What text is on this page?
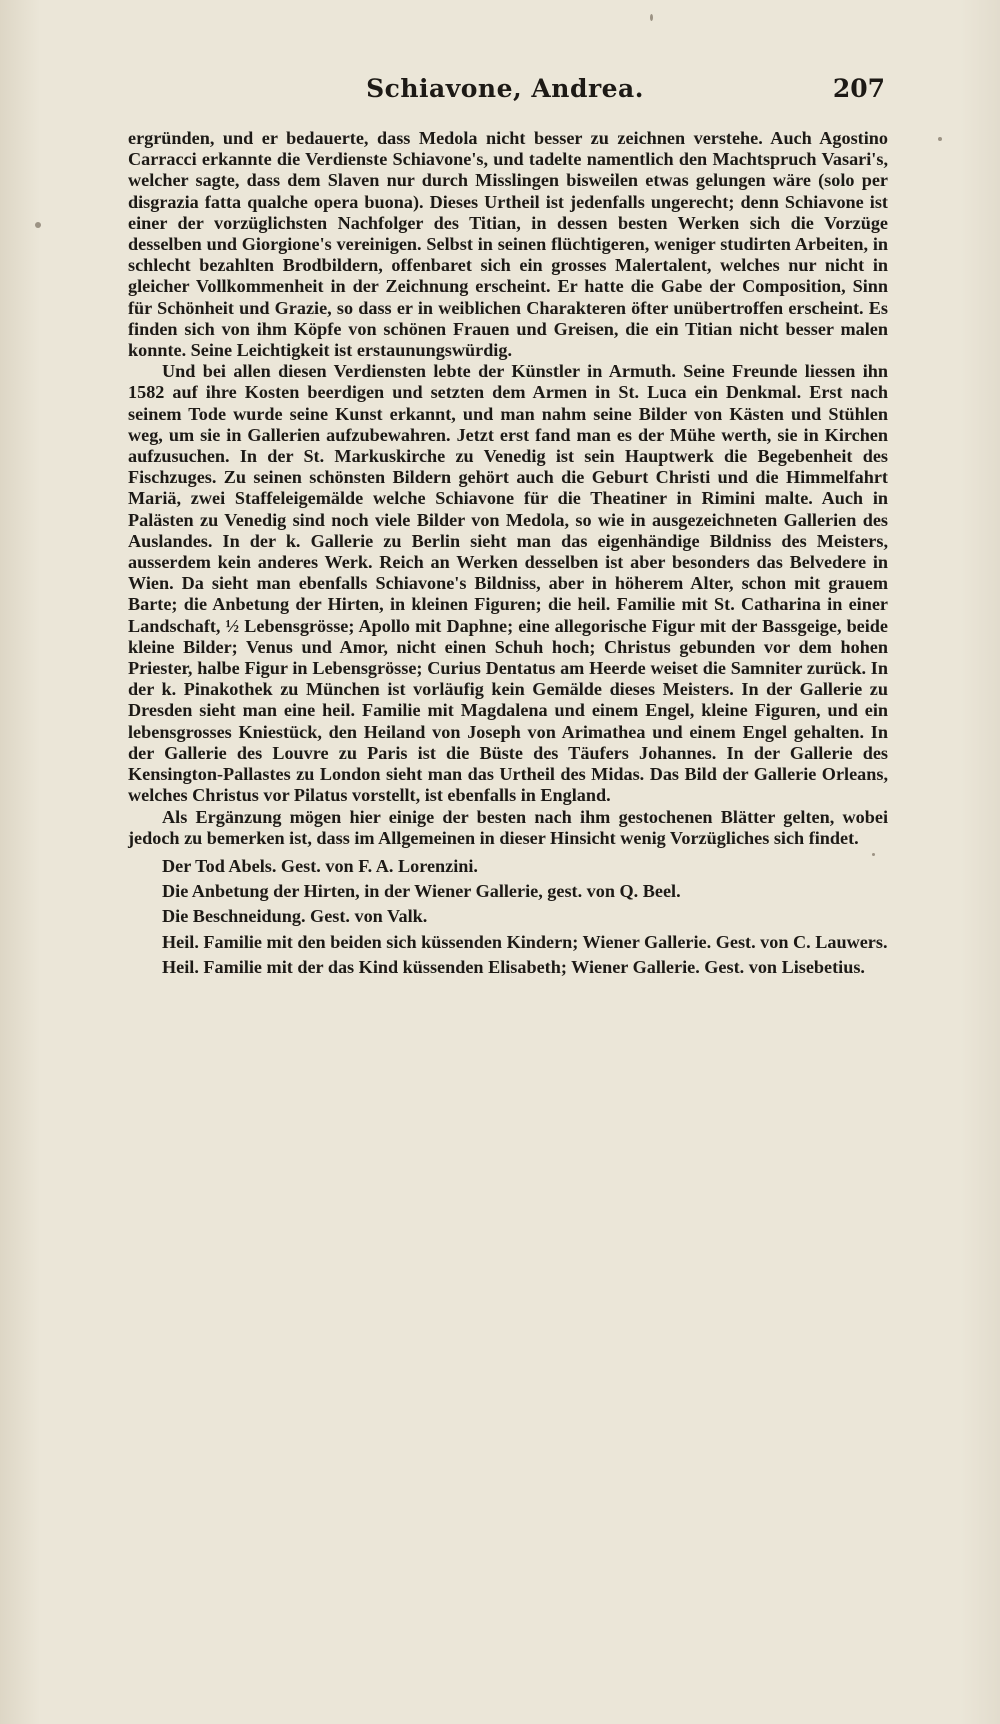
Schiavone, Andrea.	207

ergründen, und er bedauerte, dass Medola nicht besser zu zeichnen verstehe. Auch Agostino Carracci erkannte die Verdienste Schiavone's, und tadelte namentlich den Machtspruch Vasari's, welcher sagte, dass dem Slaven nur durch Misslingen bisweilen etwas gelungen wäre (solo per disgrazia fatta qualche opera buona). Dieses Urtheil ist jedenfalls ungerecht; denn Schiavone ist einer der vorzüglichsten Nachfolger des Titian, in dessen besten Werken sich die Vorzüge desselben und Giorgione's vereinigen. Selbst in seinen flüchtigeren, weniger studirten Arbeiten, in schlecht bezahlten Brodbildern, offenbaret sich ein grosses Malertalent, welches nur nicht in gleicher Vollkommenheit in der Zeichnung erscheint. Er hatte die Gabe der Composition, Sinn für Schönheit und Grazie, so dass er in weiblichen Charakteren öfter unübertroffen erscheint. Es finden sich von ihm Köpfe von schönen Frauen und Greisen, die ein Titian nicht besser malen konnte. Seine Leichtigkeit ist erstaunungswürdig.

Und bei allen diesen Verdiensten lebte der Künstler in Armuth. Seine Freunde liessen ihn 1582 auf ihre Kosten beerdigen und setzten dem Armen in St. Luca ein Denkmal. Erst nach seinem Tode wurde seine Kunst erkannt, und man nahm seine Bilder von Kästen und Stühlen weg, um sie in Gallerien aufzubewahren. Jetzt erst fand man es der Mühe werth, sie in Kirchen aufzusuchen. In der St. Markuskirche zu Venedig ist sein Hauptwerk die Begebenheit des Fischzuges. Zu seinen schönsten Bildern gehört auch die Geburt Christi und die Himmelfahrt Mariä, zwei Staffeleigemälde welche Schiavone für die Theatiner in Rimini malte. Auch in Palästen zu Venedig sind noch viele Bilder von Medola, so wie in ausgezeichneten Gallerien des Auslandes. In der k. Gallerie zu Berlin sieht man das eigenhändige Bildniss des Meisters, ausserdem kein anderes Werk. Reich an Werken desselben ist aber besonders das Belvedere in Wien. Da sieht man ebenfalls Schiavone's Bildniss, aber in höherem Alter, schon mit grauem Barte; die Anbetung der Hirten, in kleinen Figuren; die heil. Familie mit St. Catharina in einer Landschaft, ½ Lebensgrösse; Apollo mit Daphne; eine allegorische Figur mit der Bassgeige, beide kleine Bilder; Venus und Amor, nicht einen Schuh hoch; Christus gebunden vor dem hohen Priester, halbe Figur in Lebensgrösse; Curius Dentatus am Heerde weiset die Samniter zurück. In der k. Pinakothek zu München ist vorläufig kein Gemälde dieses Meisters. In der Gallerie zu Dresden sieht man eine heil. Familie mit Magdalena und einem Engel, kleine Figuren, und ein lebensgrosses Kniestück, den Heiland von Joseph von Arimathea und einem Engel gehalten. In der Gallerie des Louvre zu Paris ist die Büste des Täufers Johannes. In der Gallerie des Kensington-Pallastes zu London sieht man das Urtheil des Midas. Das Bild der Gallerie Orleans, welches Christus vor Pilatus vorstellt, ist ebenfalls in England.

Als Ergänzung mögen hier einige der besten nach ihm gestochenen Blätter gelten, wobei jedoch zu bemerken ist, dass im Allgemeinen in dieser Hinsicht wenig Vorzügliches sich findet.

Der Tod Abels. Gest. von F. A. Lorenzini.

Die Anbetung der Hirten, in der Wiener Gallerie, gest. von Q. Beel.

Die Beschneidung. Gest. von Valk.

Heil. Familie mit den beiden sich küssenden Kindern; Wiener Gallerie. Gest. von C. Lauwers.

Heil. Familie mit der das Kind küssenden Elisabeth; Wiener Gallerie. Gest. von Lisebetius.
